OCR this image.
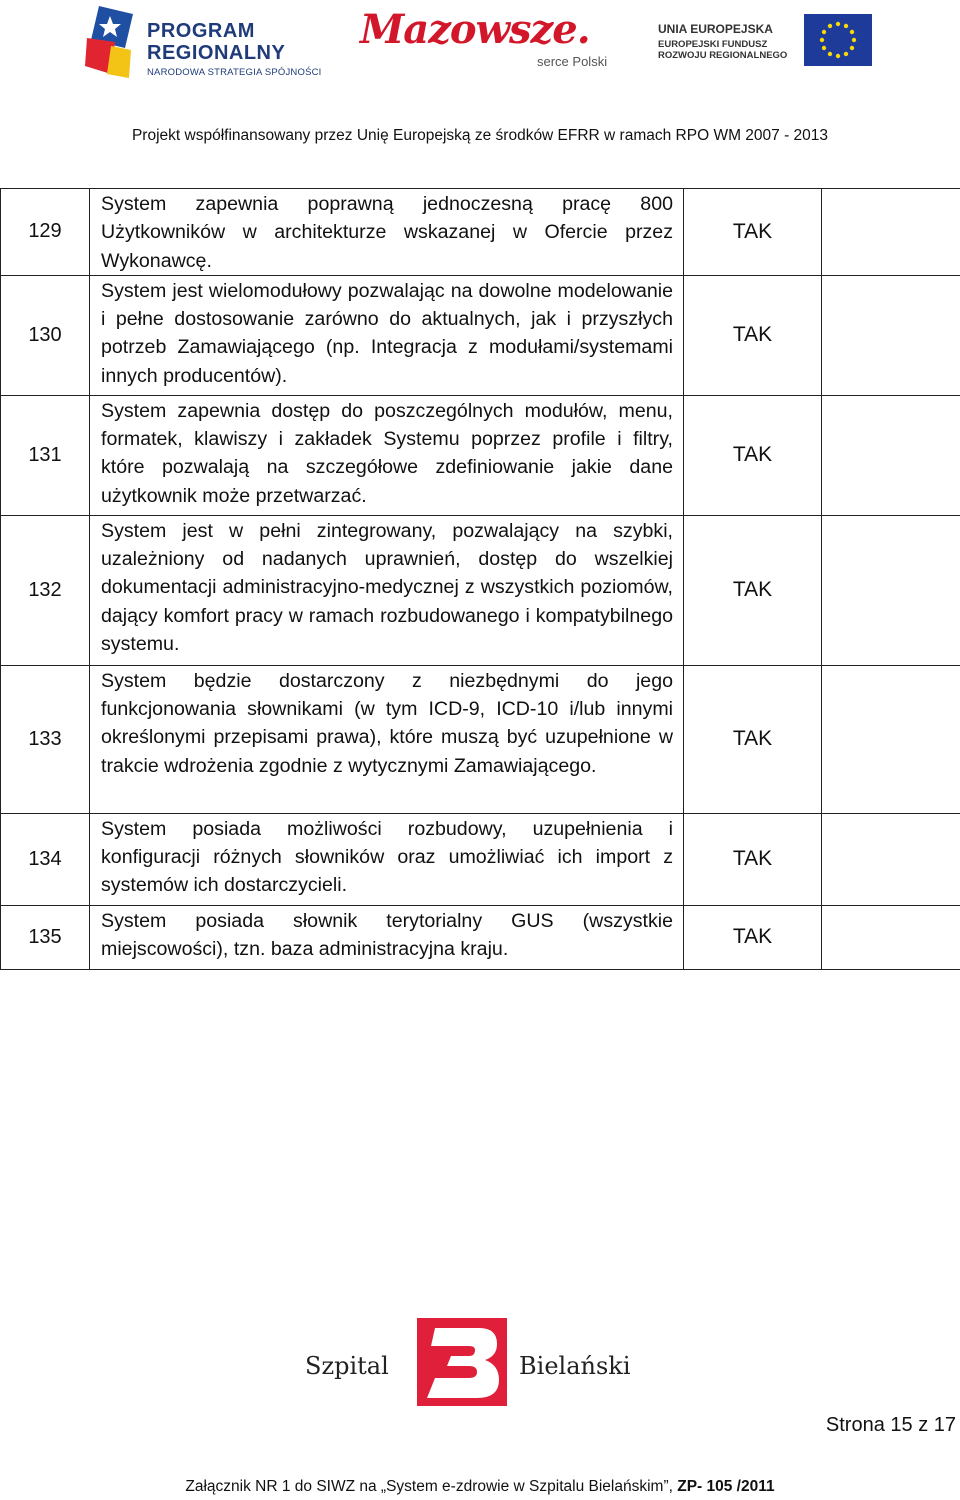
PROGRAM
REGIONALNY
NARODOWA STRATEGIA SPÓJNOŚCI
Mazowsze.
serce Polski
UNIA EUROPEJSKA
EUROPEJSKI FUNDUSZ
ROZWOJU REGIONALNEGO
Projekt współfinansowany przez Unię Europejską ze środków EFRR w ramach RPO WM 2007 - 2013
129	System zapewnia poprawną jednoczesną pracę 800 Użytkowników w architekturze wskazanej w Ofercie przez Wykonawcę.	TAK	
130	System jest wielomodułowy pozwalając na dowolne modelowanie i pełne dostosowanie zarówno do aktualnych, jak i przyszłych potrzeb Zamawiającego (np. Integracja z modułami/systemami innych producentów).	TAK	
131	System zapewnia dostęp do poszczególnych modułów, menu, formatek, klawiszy i zakładek Systemu poprzez profile i filtry, które pozwalają na szczegółowe zdefiniowanie jakie dane użytkownik może przetwarzać.	TAK	
132	System jest w pełni zintegrowany, pozwalający na szybki, uzależniony od nadanych uprawnień, dostęp do wszelkiej dokumentacji administracyjno-medycznej z wszystkich poziomów, dający komfort pracy w ramach rozbudowanego i kompatybilnego systemu.	TAK	
133	System będzie dostarczony z niezbędnymi do jego funkcjonowania słownikami (w tym ICD-9, ICD-10 i/lub innymi określonymi przepisami prawa), które muszą być uzupełnione w trakcie wdrożenia zgodnie z wytycznymi Zamawiającego.	TAK	
134	System posiada możliwości rozbudowy, uzupełnienia i konfiguracji różnych słowników oraz umożliwiać ich import z systemów ich dostarczycieli.	TAK	
135	System posiada słownik terytorialny GUS (wszystkie miejscowości), tzn. baza administracyjna kraju.	TAK	
Szpital	Bielański
Strona 15 z 17
Załącznik NR 1 do SIWZ na „System e-zdrowie w Szpitalu Bielańskim”, ZP- 105 /2011
